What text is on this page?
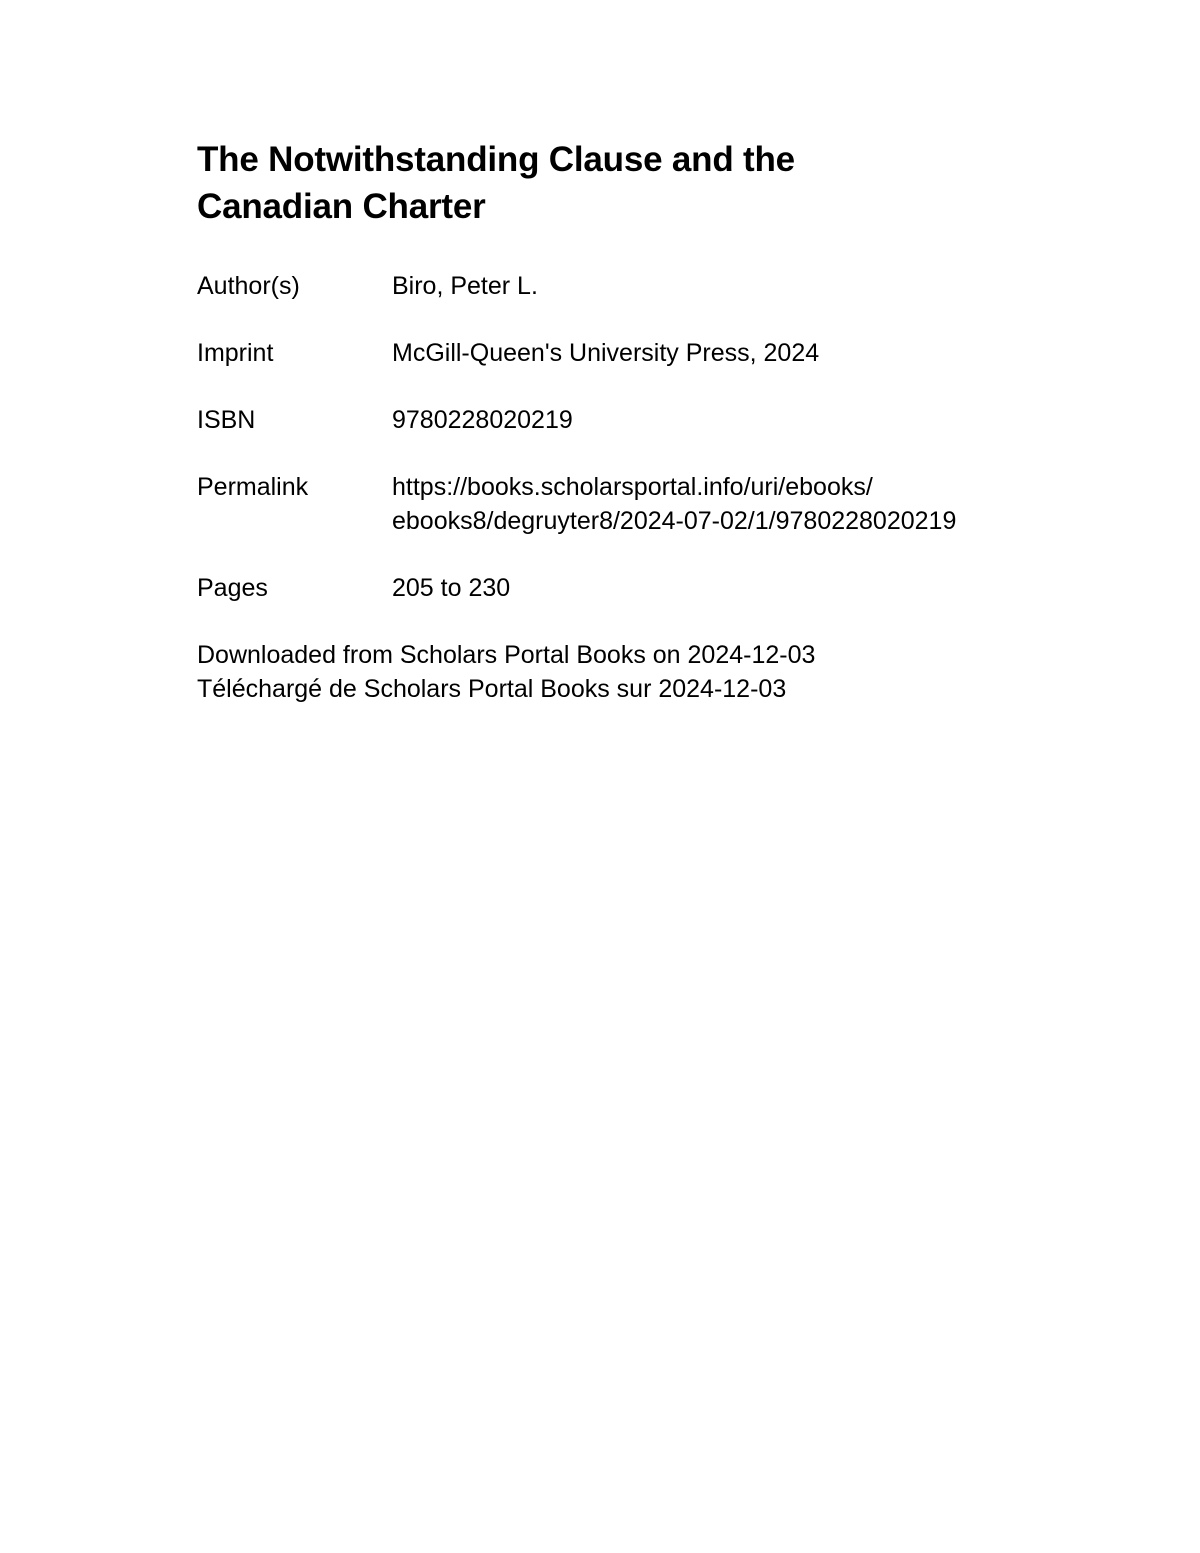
The Notwithstanding Clause and the
Canadian Charter
Author(s)	Biro, Peter L.
Imprint	McGill-Queen's University Press, 2024
ISBN	9780228020219
Permalink	https://books.scholarsportal.info/uri/ebooks/
ebooks8/degruyter8/2024-07-02/1/9780228020219
Pages	205 to 230
Downloaded from Scholars Portal Books on 2024-12-03
Téléchargé de Scholars Portal Books sur 2024-12-03
